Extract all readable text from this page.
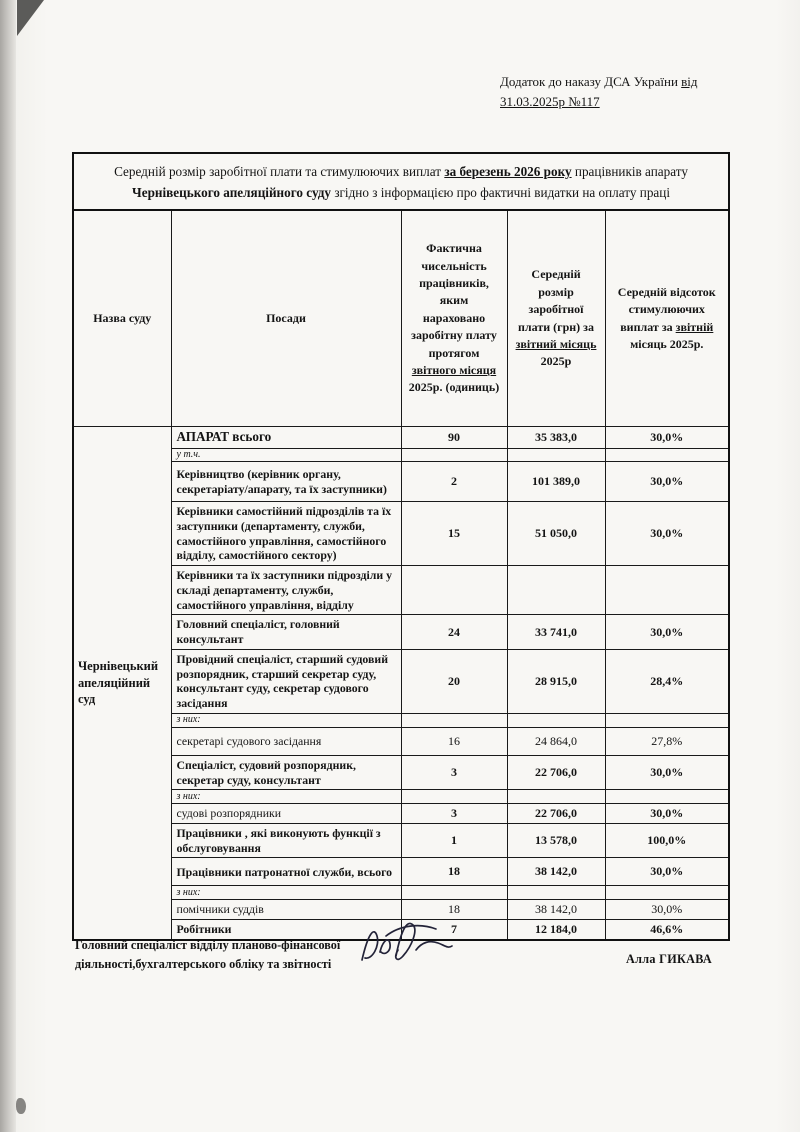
Додаток до наказу ДСА України від
31.03.2025р №117
Середній розмір заробітної плати та стимулюючих виплат за березень 2026 року працівників апарату Чернівецького апеляційного суду згідно з інформацією про фактичні видатки на оплату праці				
Назва суду	Посади	Фактична чисельність працівників, яким нараховано заробітну плату протягом звітного місяця 2025р. (одиниць)	Середній розмір заробітної плати (грн) за звітний місяць 2025р	Середній відсоток стимулюючих виплат за звітній місяць 2025р.
Чернівецький апеляційний суд	АПАРАТ всього	90	35 383,0	30,0%
	у т.ч.			
	Керівництво (керівник органу, секретаріату/апарату, та їх заступники)	2	101 389,0	30,0%
	Керівники самостійний підрозділів та їх заступники (департаменту, служби, самостійного управління, самостійного відділу, самостійного сектору)	15	51 050,0	30,0%
	Керівники та їх заступники підрозділи у складі департаменту, служби, самостійного управління, відділу			
	Головний спеціаліст, головний консультант	24	33 741,0	30,0%
	Провідний спеціаліст, старший судовий розпорядник, старший секретар суду, консультант суду, секретар судового засідання	20	28 915,0	28,4%
	з них:			
	секретарі судового засідання	16	24 864,0	27,8%
	Спеціаліст, судовий розпорядник, секретар суду, консультант	3	22 706,0	30,0%
	з них:			
	судові розпорядники	3	22 706,0	30,0%
	Працівники , які виконують функції з обслуговування	1	13 578,0	100,0%
	Працівники патронатної служби, всього	18	38 142,0	30,0%
	з них:			
	помічники суддів	18	38 142,0	30,0%
	Робітники	7	12 184,0	46,6%
Головний спеціаліст відділу планово-фінансової
діяльності,бухгалтерського обліку та звітності	Алла ГИКАВА
